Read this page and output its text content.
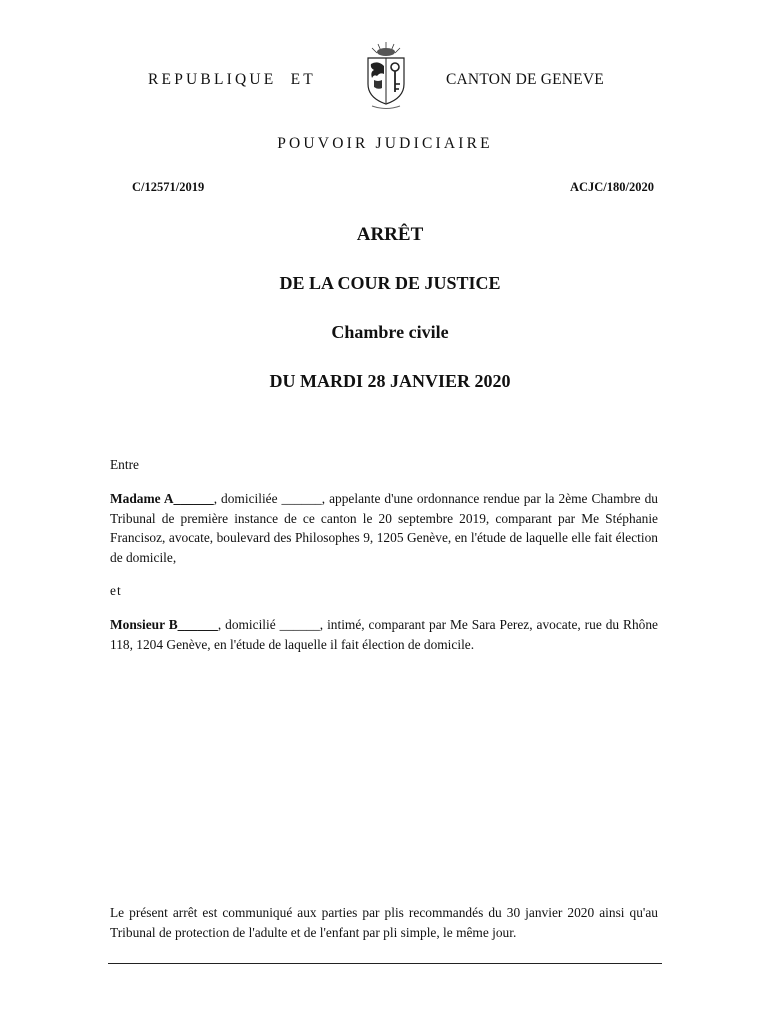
REPUBLIQUE  ET	CANTON DE GENEVE
POUVOIR JUDICIAIRE
C/12571/2019	ACJC/180/2020
ARRÊT
DE LA COUR DE JUSTICE
Chambre civile
DU MARDI 28 JANVIER 2020
Entre
Madame A______, domiciliée ______, appelante d'une ordonnance rendue par la 2ème Chambre du Tribunal de première instance de ce canton le 20 septembre 2019, comparant par Me Stéphanie Francisoz, avocate, boulevard des Philosophes 9, 1205 Genève, en l'étude de laquelle elle fait élection de domicile,
et
Monsieur B______, domicilié ______, intimé, comparant par Me Sara Perez, avocate, rue du Rhône 118, 1204 Genève, en l'étude de laquelle il fait élection de domicile.
Le présent arrêt est communiqué aux parties par plis recommandés du 30 janvier 2020 ainsi qu'au Tribunal de protection de l'adulte et de l'enfant par pli simple, le même jour.
